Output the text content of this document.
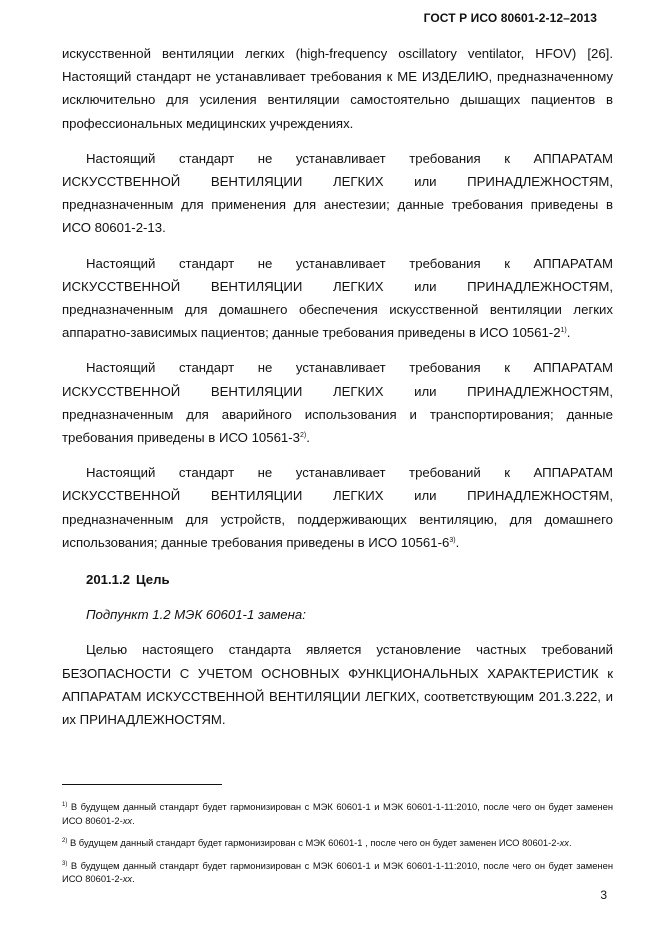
ГОСТ Р ИСО 80601-2-12–2013

искусственной вентиляции легких (high-frequency oscillatory ventilator, HFOV) [26]. Настоящий стандарт не устанавливает требования к МЕ ИЗДЕЛИЮ, предназначенному исключительно для усиления вентиляции самостоятельно дышащих пациентов в профессиональных медицинских учреждениях.

Настоящий стандарт не устанавливает требования к АППАРАТАМ ИСКУССТВЕННОЙ ВЕНТИЛЯЦИИ ЛЕГКИХ или ПРИНАДЛЕЖНОСТЯМ, предназначенным для применения для анестезии; данные требования приведены в ИСО 80601-2-13.

Настоящий стандарт не устанавливает требования к АППАРАТАМ ИСКУССТВЕННОЙ ВЕНТИЛЯЦИИ ЛЕГКИХ или ПРИНАДЛЕЖНОСТЯМ, предназначенным для домашнего обеспечения искусственной вентиляции легких аппаратно-зависимых пациентов; данные требования приведены в ИСО 10561-2$^{1)}$.

Настоящий стандарт не устанавливает требования к АППАРАТАМ ИСКУССТВЕННОЙ ВЕНТИЛЯЦИИ ЛЕГКИХ или ПРИНАДЛЕЖНОСТЯМ, предназначенным для аварийного использования и транспортирования; данные требования приведены в ИСО 10561-3$^{2)}$.

Настоящий стандарт не устанавливает требований к АППАРАТАМ ИСКУССТВЕННОЙ ВЕНТИЛЯЦИИ ЛЕГКИХ или ПРИНАДЛЕЖНОСТЯМ, предназначенным для устройств, поддерживающих вентиляцию, для домашнего использования; данные требования приведены в ИСО 10561-6$^{3)}$.

201.1.2 Цель

Подпункт 1.2 МЭК 60601-1 замена:

Целью настоящего стандарта является установление частных требований БЕЗОПАСНОСТИ С УЧЕТОМ ОСНОВНЫХ ФУНКЦИОНАЛЬНЫХ ХАРАКТЕРИСТИК к АППАРАТАМ ИСКУССТВЕННОЙ ВЕНТИЛЯЦИИ ЛЕГКИХ, соответствующим 201.3.222, и их ПРИНАДЛЕЖНОСТЯМ.

$^{1)}$ В будущем данный стандарт будет гармонизирован с МЭК 60601-1 и МЭК 60601-1-11:2010, после чего он будет заменен ИСО 80601-2-xx.

$^{2)}$ В будущем данный стандарт будет гармонизирован с МЭК 60601-1 , после чего он будет заменен ИСО 80601-2-xx.

$^{3)}$ В будущем данный стандарт будет гармонизирован с МЭК 60601-1 и МЭК 60601-1-11:2010, после чего он будет заменен ИСО 80601-2-xx.

3
